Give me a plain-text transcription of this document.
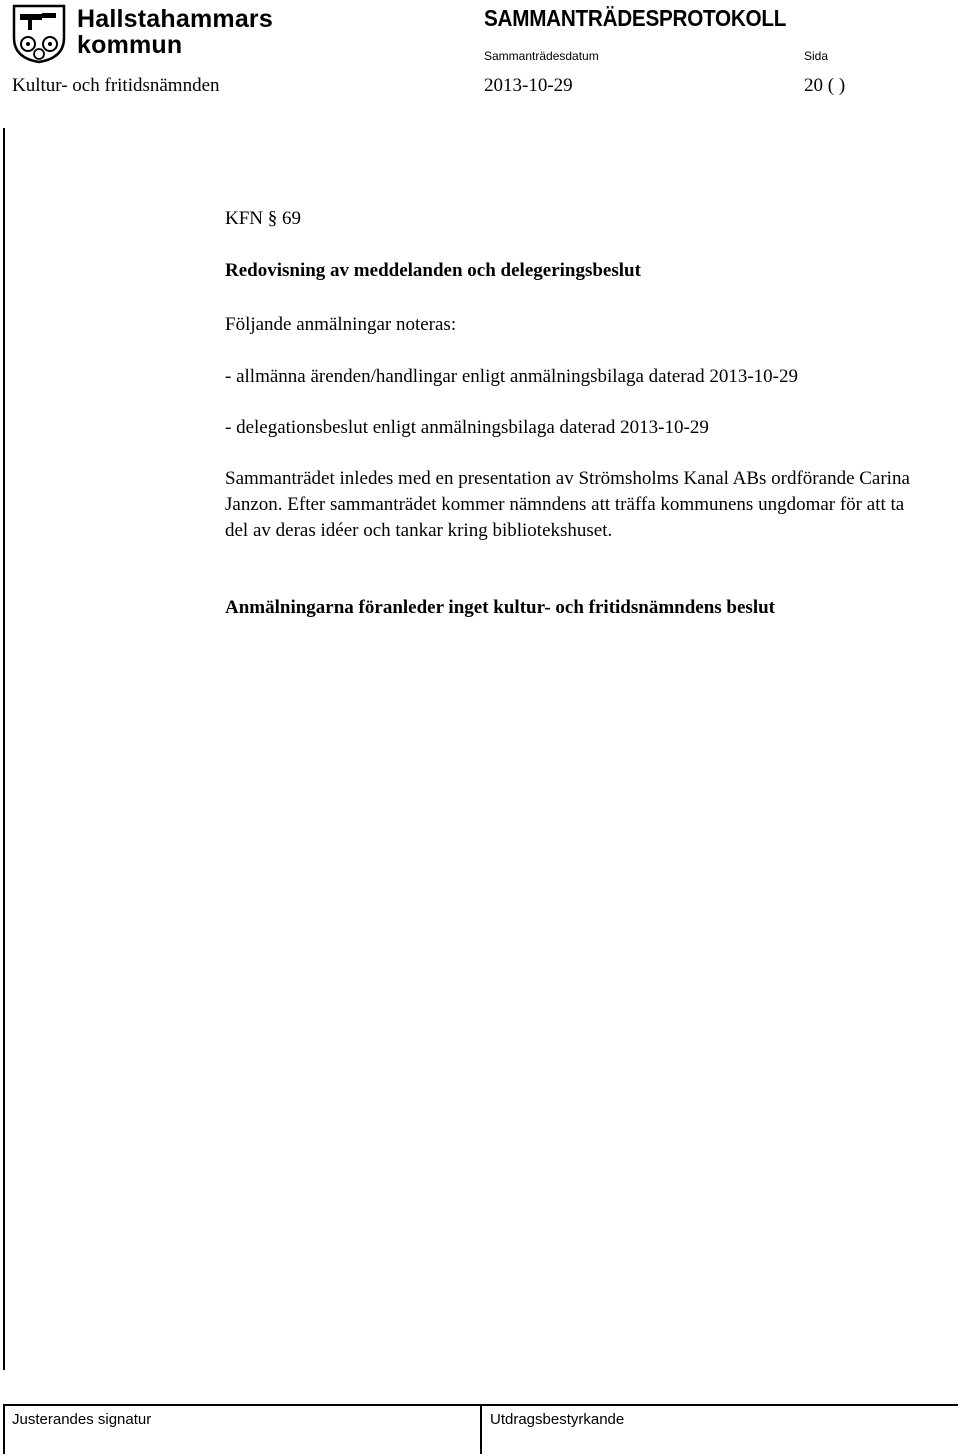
Hallstahammars
kommun
SAMMANTRÄDESPROTOKOLL
Sammanträdesdatum	Sida
Kultur- och fritidsnämnden	2013-10-29	20 ( )
KFN § 69
Redovisning av meddelanden och delegeringsbeslut
Följande anmälningar noteras:
- allmänna ärenden/handlingar enligt anmälningsbilaga daterad 2013-10-29
- delegationsbeslut enligt anmälningsbilaga daterad 2013-10-29
Sammanträdet inledes med en presentation av Strömsholms Kanal ABs ordförande Carina Janzon. Efter sammanträdet kommer nämndens att träffa kommunens ungdomar för att ta del av deras idéer och tankar kring bibliotekshuset.
Anmälningarna föranleder inget kultur- och fritidsnämndens beslut
Justerandes signatur	Utdragsbestyrkande
